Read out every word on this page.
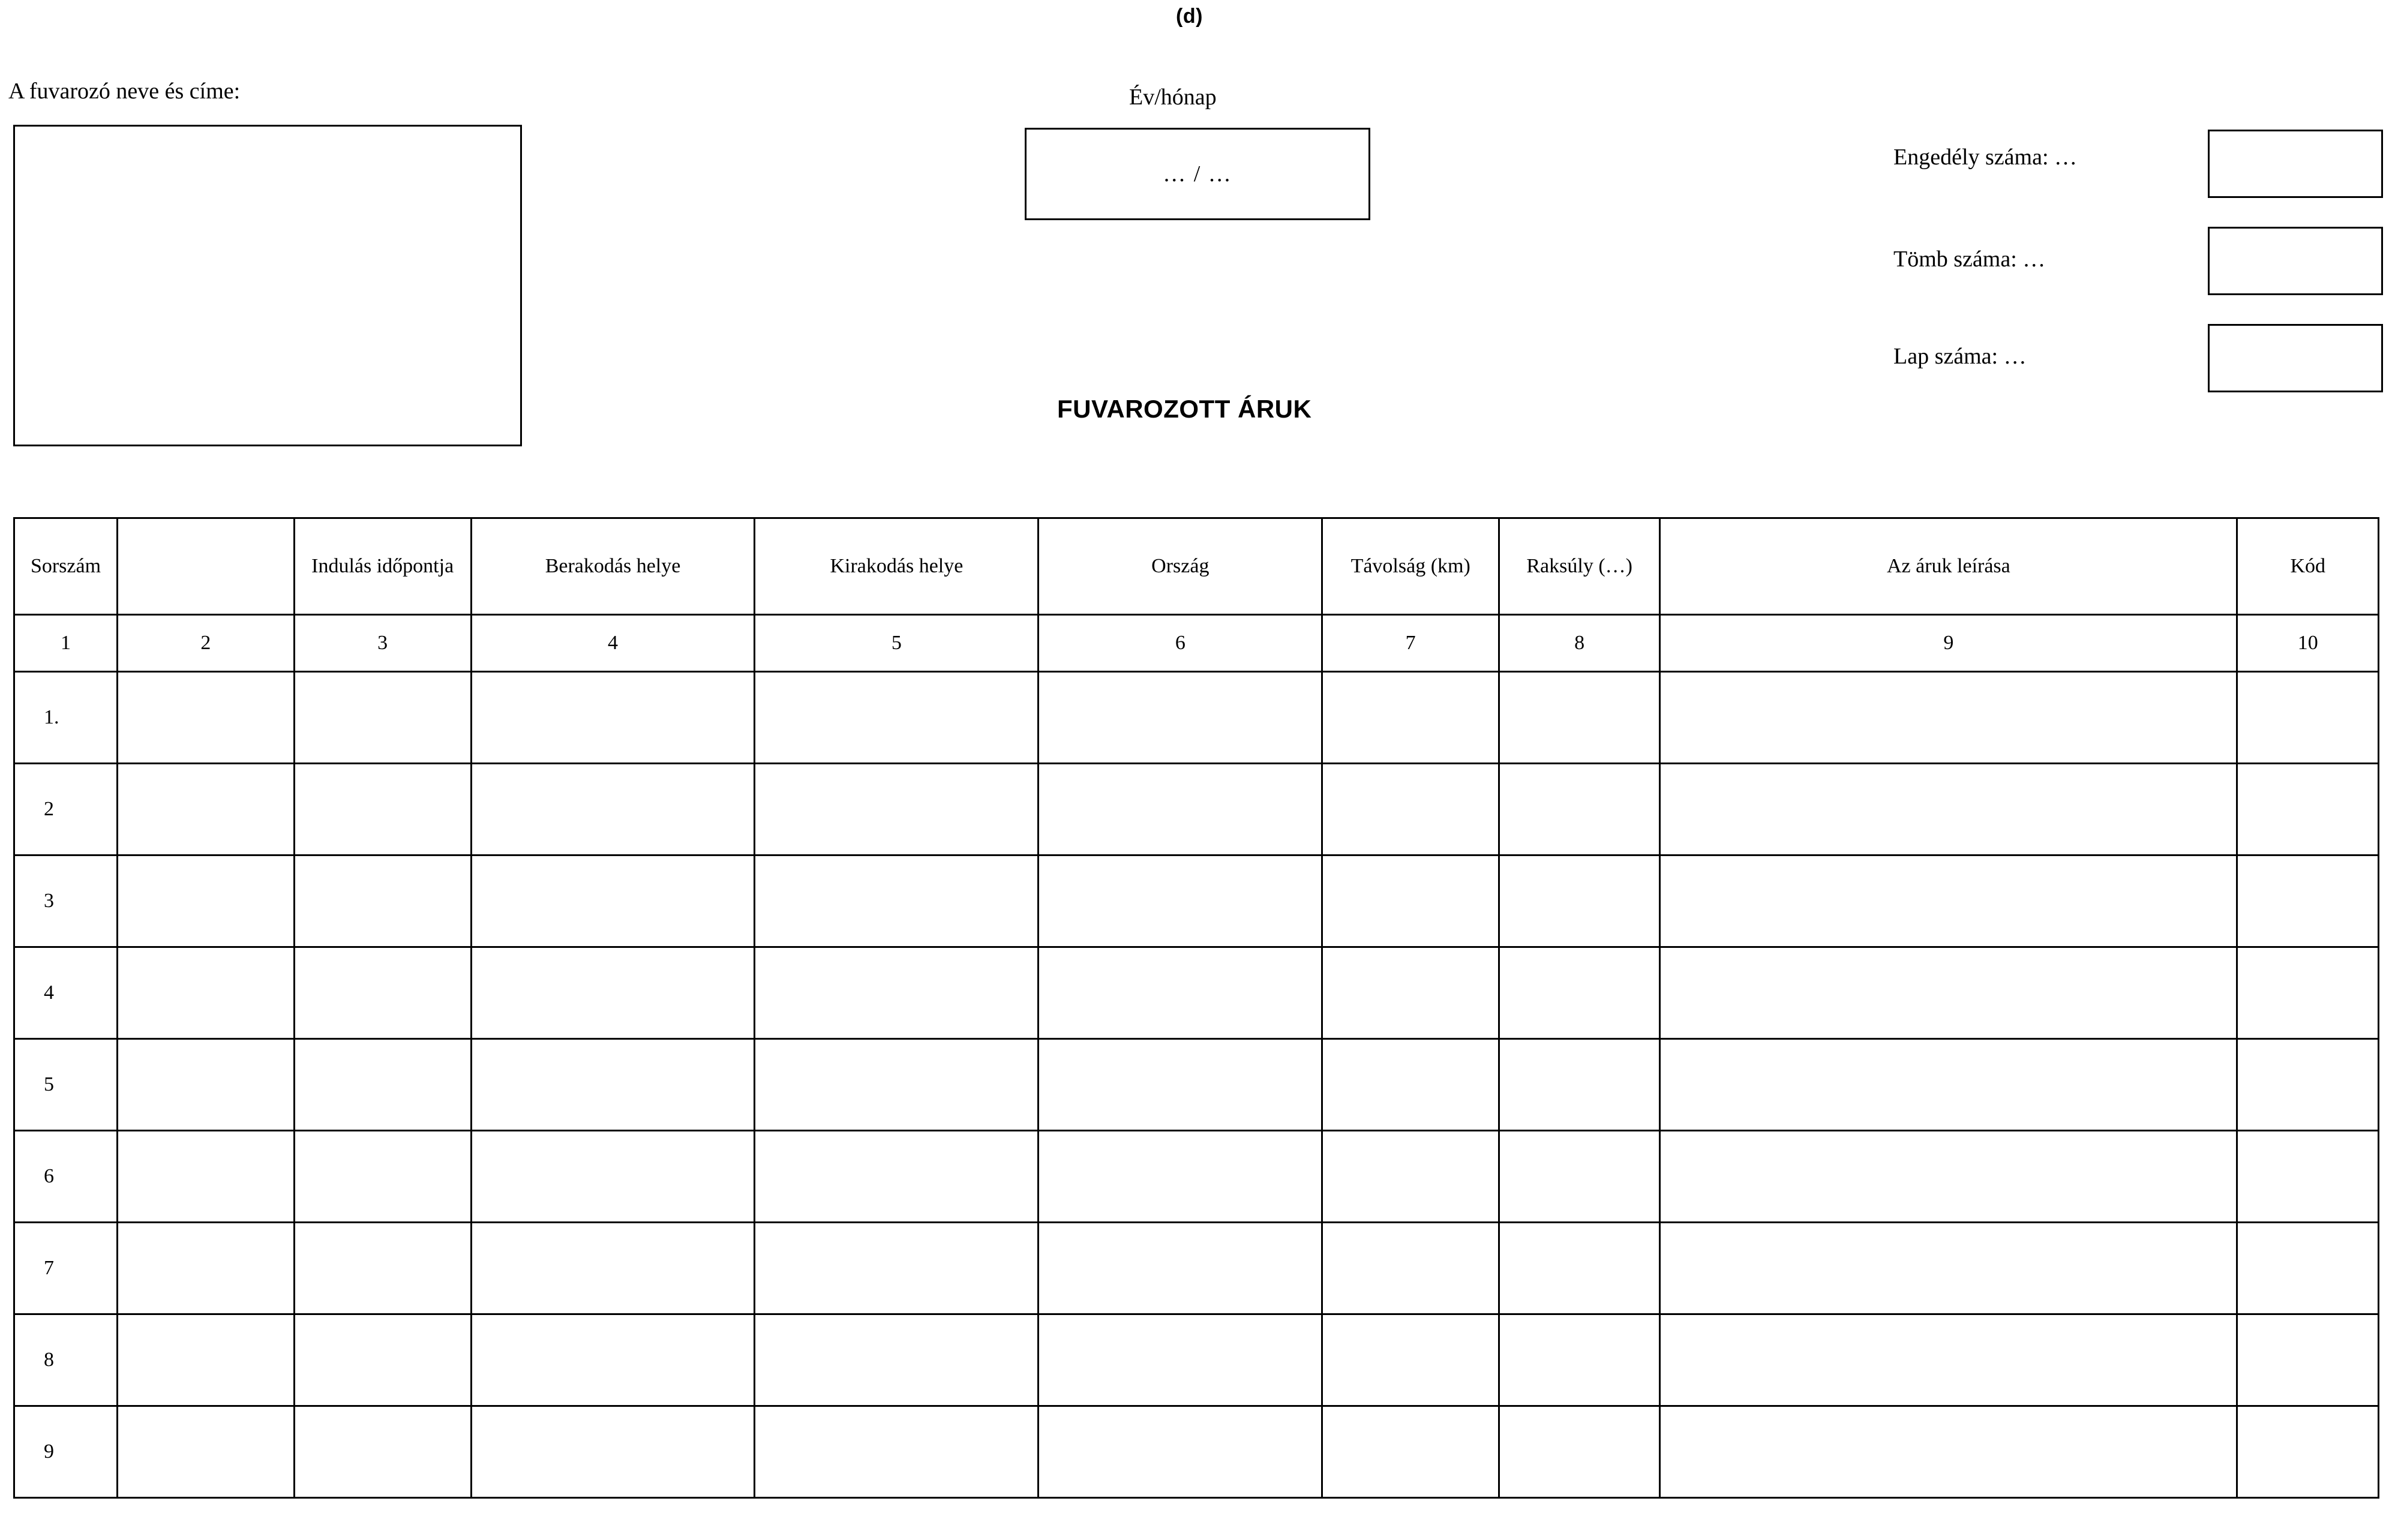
(d)
A fuvarozó neve és címe:	Év/hónap
… / …
Engedély száma: …
Tömb száma: …
Lap száma: …
FUVAROZOTT ÁRUK
Sorszám		Indulás időpontja	Berakodás helye	Kirakodás helye	Ország	Távolság (km)	Raksúly (…)	Az áruk leírása	Kód
1	2	3	4	5	6	7	8	9	10
1.									
2									
3									
4									
5									
6									
7									
8									
9									
